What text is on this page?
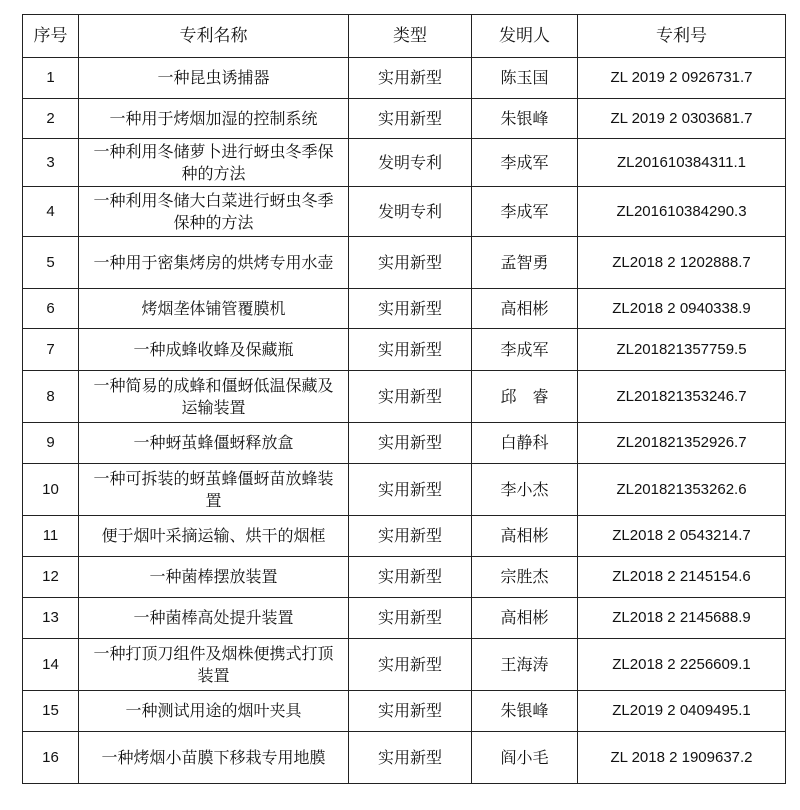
序号	专利名称	类型	发明人	专利号
1	一种昆虫诱捕器	实用新型	陈玉国	ZL 2019 2 0926731.7
2	一种用于烤烟加湿的控制系统	实用新型	朱银峰	ZL 2019 2 0303681.7
3	一种利用冬储萝卜进行蚜虫冬季保种的方法	发明专利	李成军	ZL201610384311.1
4	一种利用冬储大白菜进行蚜虫冬季保种的方法	发明专利	李成军	ZL201610384290.3
5	一种用于密集烤房的烘烤专用水壶	实用新型	孟智勇	ZL2018 2 1202888.7
6	烤烟垄体铺管覆膜机	实用新型	高相彬	ZL2018 2 0940338.9
7	一种成蜂收蜂及保藏瓶	实用新型	李成军	ZL201821357759.5
8	一种简易的成蜂和僵蚜低温保藏及运输装置	实用新型	邱　睿	ZL201821353246.7
9	一种蚜茧蜂僵蚜释放盒	实用新型	白静科	ZL201821352926.7
10	一种可拆装的蚜茧蜂僵蚜苗放蜂装置	实用新型	李小杰	ZL201821353262.6
11	便于烟叶采摘运输、烘干的烟框	实用新型	高相彬	ZL2018 2 0543214.7
12	一种菌棒摆放装置	实用新型	宗胜杰	ZL2018 2 2145154.6
13	一种菌棒高处提升装置	实用新型	高相彬	ZL2018 2 2145688.9
14	一种打顶刀组件及烟株便携式打顶装置	实用新型	王海涛	ZL2018 2 2256609.1
15	一种测试用途的烟叶夹具	实用新型	朱银峰	ZL2019 2 0409495.1
16	一种烤烟小苗膜下移栽专用地膜	实用新型	阎小毛	ZL 2018 2 1909637.2
